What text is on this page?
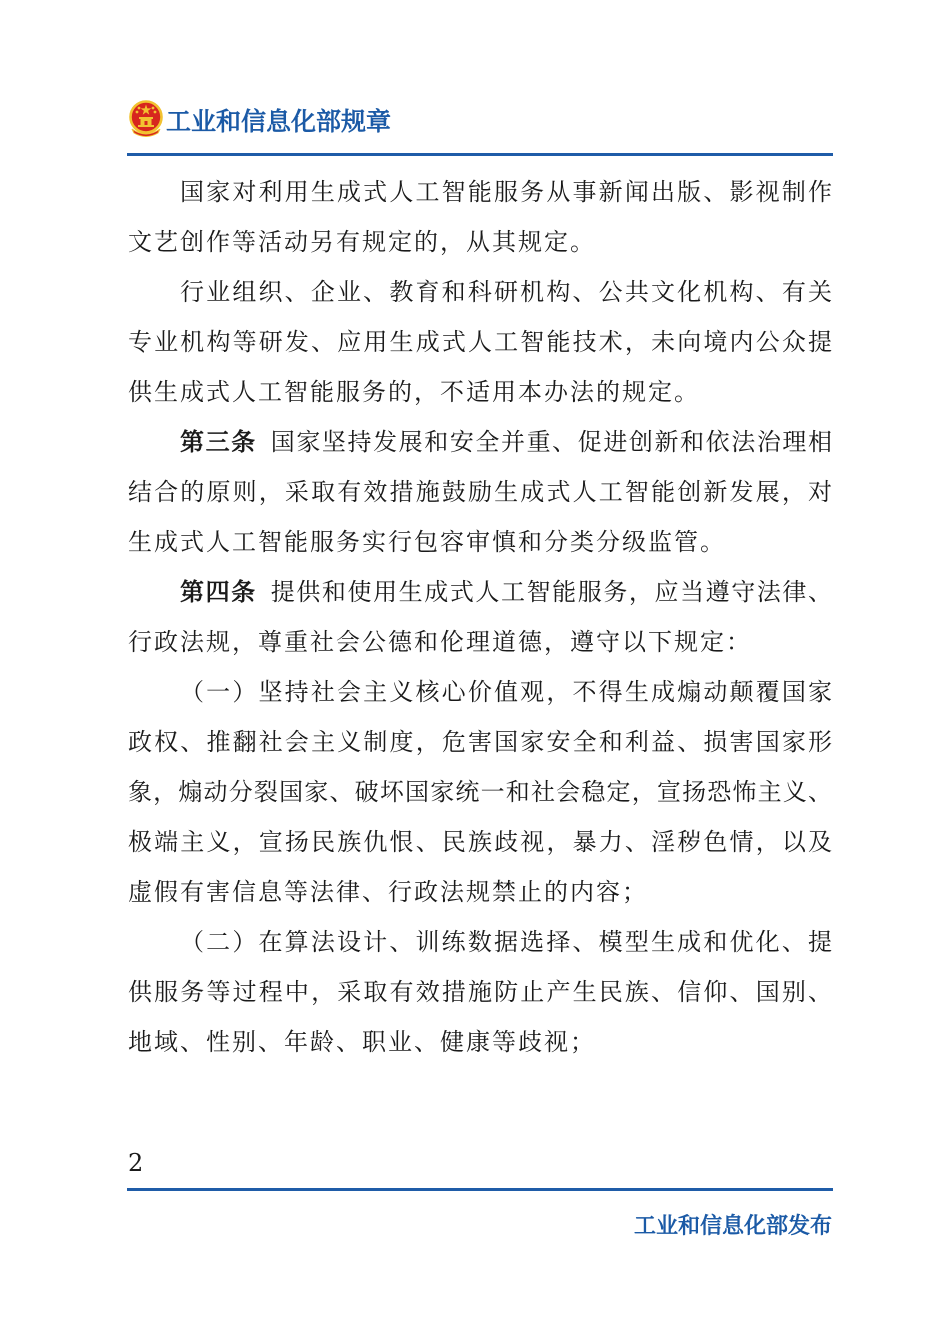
工业和信息化部规章
国家对利用生成式人工智能服务从事新闻出版、影视制作
文艺创作等活动另有规定的，从其规定。
行业组织、企业、教育和科研机构、公共文化机构、有关
专业机构等研发、应用生成式人工智能技术，未向境内公众提
供生成式人工智能服务的，不适用本办法的规定。
第三条 国家坚持发展和安全并重、促进创新和依法治理相
结合的原则，采取有效措施鼓励生成式人工智能创新发展，对
生成式人工智能服务实行包容审慎和分类分级监管。
第四条 提供和使用生成式人工智能服务，应当遵守法律、
行政法规，尊重社会公德和伦理道德，遵守以下规定：
（一）坚持社会主义核心价值观，不得生成煽动颠覆国家
政权、推翻社会主义制度，危害国家安全和利益、损害国家形
象，煽动分裂国家、破坏国家统一和社会稳定，宣扬恐怖主义、
极端主义，宣扬民族仇恨、民族歧视，暴力、淫秽色情，以及
虚假有害信息等法律、行政法规禁止的内容；
（二）在算法设计、训练数据选择、模型生成和优化、提
供服务等过程中，采取有效措施防止产生民族、信仰、国别、
地域、性别、年龄、职业、健康等歧视；
2
工业和信息化部发布
